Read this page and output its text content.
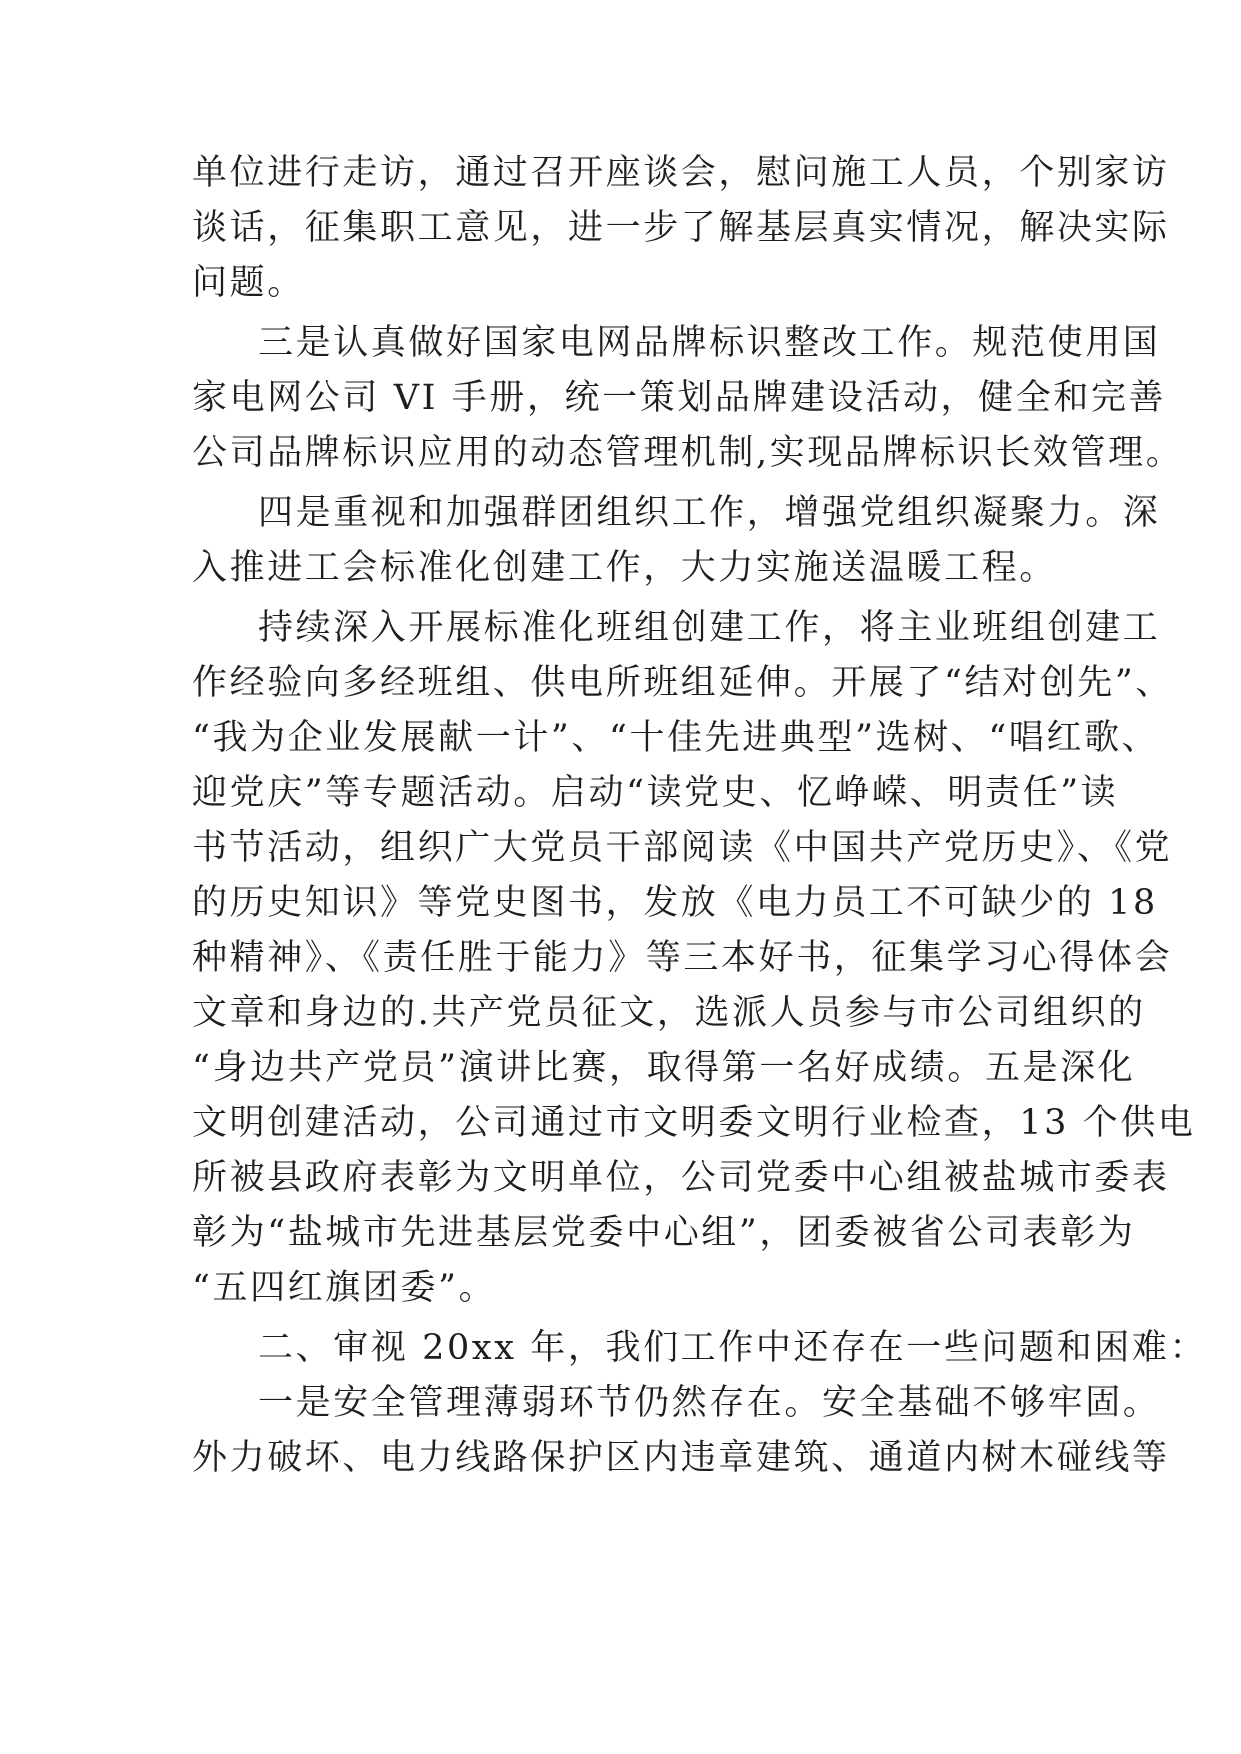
单位进行走访，通过召开座谈会，慰问施工人员，个别家访
谈话，征集职工意见，进一步了解基层真实情况，解决实际
问题。
三是认真做好国家电网品牌标识整改工作。规范使用国
家电网公司 VI 手册，统一策划品牌建设活动，健全和完善
公司品牌标识应用的动态管理机制,实现品牌标识长效管理。
四是重视和加强群团组织工作，增强党组织凝聚力。深
入推进工会标准化创建工作，大力实施送温暖工程。
持续深入开展标准化班组创建工作，将主业班组创建工
作经验向多经班组、供电所班组延伸。开展了“结对创先”、
“我为企业发展献一计”、“十佳先进典型”选树、“唱红歌、
迎党庆”等专题活动。启动“读党史、忆峥嵘、明责任”读
书节活动，组织广大党员干部阅读《中国共产党历史》、《党
的历史知识》等党史图书，发放《电力员工不可缺少的 18
种精神》、《责任胜于能力》等三本好书，征集学习心得体会
文章和身边的.共产党员征文，选派人员参与市公司组织的
“身边共产党员”演讲比赛，取得第一名好成绩。五是深化
文明创建活动，公司通过市文明委文明行业检查，13 个供电
所被县政府表彰为文明单位，公司党委中心组被盐城市委表
彰为“盐城市先进基层党委中心组”，团委被省公司表彰为
“五四红旗团委”。
二、审视 20xx 年，我们工作中还存在一些问题和困难：
一是安全管理薄弱环节仍然存在。安全基础不够牢固。
外力破坏、电力线路保护区内违章建筑、通道内树木碰线等
